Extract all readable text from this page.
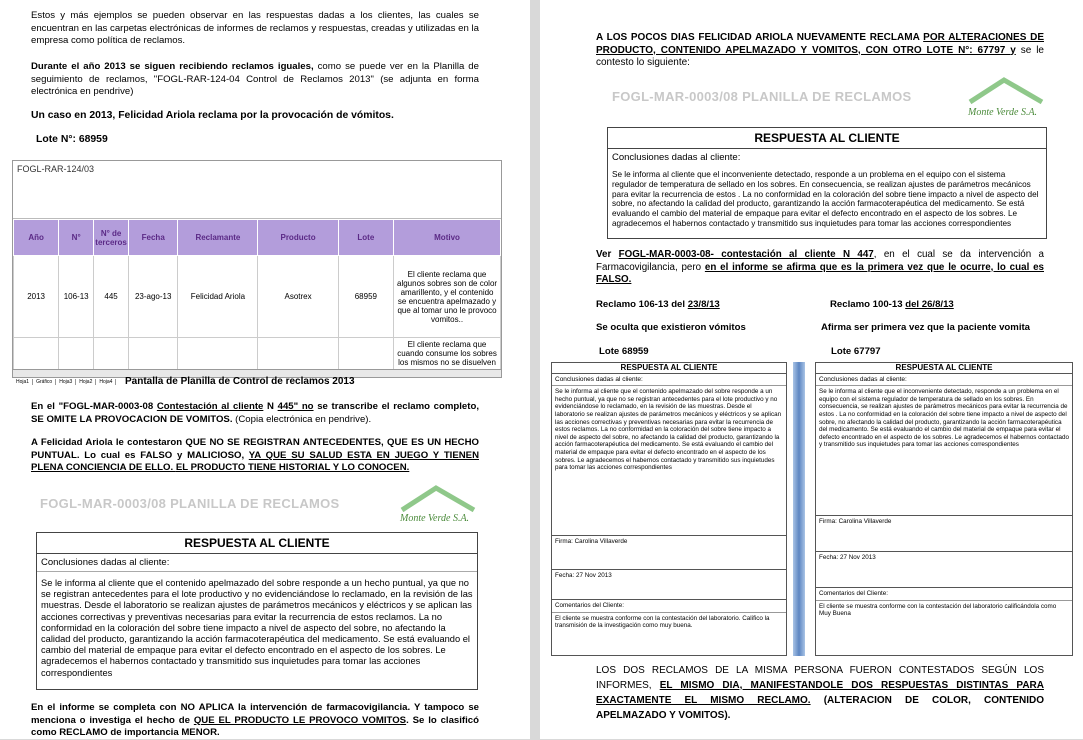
Estos y más ejemplos se pueden observar en las respuestas dadas a los clientes, las cuales se encuentran en las carpetas electrónicas de informes de reclamos y respuestas, creadas y utilizadas en la empresa como política de reclamos.
Durante el año 2013 se siguen recibiendo reclamos iguales, como se puede ver en la Planilla de seguimiento de reclamos, "FOGL-RAR-124-04 Control de Reclamos 2013" (se adjunta en forma electrónica en pendrive)
Un caso en 2013, Felicidad Ariola reclama por la provocación de vómitos.
Lote N°: 68959
FOGL-RAR-124/03
Año	N°	N° de terceros	Fecha	Reclamante	Producto	Lote	Motivo
2013	106-13	445	23-ago-13	Felicidad Ariola	Asotrex	68959	El cliente reclama que algunos sobres son de color amarillento, y el contenido se encuentra apelmazado y que al tomar uno le provoco vomitos..
							El cliente reclama que cuando consume los sobres los mismos no se disuelven
Hoja1 Gráfico Hoja3 Hoja2 Hoja4	Pantalla de Planilla de Control de reclamos 2013
En el "FOGL-MAR-0003-08 Contestación al cliente N 445" no se transcribe el reclamo completo, SE OMITE LA PROVOCACION DE VOMITOS. (Copia electrónica en pendrive).
A Felicidad Ariola le contestaron QUE NO SE REGISTRAN ANTECEDENTES, QUE ES UN HECHO PUNTUAL. Lo cual es FALSO y MALICIOSO, YA QUE SU SALUD ESTA EN JUEGO Y TIENEN PLENA CONCIENCIA DE ELLO. EL PRODUCTO TIENE HISTORIAL Y LO CONOCEN.
FOGL-MAR-0003/08 PLANILLA DE RECLAMOS
Monte Verde S.A.
RESPUESTA AL CLIENTE
Conclusiones dadas al cliente:
Se le informa al cliente que el contenido apelmazado del sobre responde a un hecho puntual, ya que no se registran antecedentes para el lote productivo y no evidenciándose lo reclamado, en la revisión de las muestras. Desde el laboratorio se realizan ajustes de parámetros mecánicos y eléctricos y se aplican las acciones correctivas y preventivas necesarias para evitar la recurrencia de estos reclamos. La no conformidad en la coloración del sobre tiene impacto a nivel de aspecto del sobre, no afectando la calidad del producto, garantizando la acción farmacoterapéutica del medicamento. Se está evaluando el cambio del material de empaque para evitar el defecto encontrado en el aspecto de los sobres. Le agradecemos el habernos contactado y transmitido sus inquietudes para tomar las acciones correspondientes
En el informe se completa con NO APLICA la intervención de farmacovigilancia. Y tampoco se menciona o investiga el hecho de QUE EL PRODUCTO LE PROVOCO VOMITOS. Se lo clasificó como RECLAMO de importancia MENOR.
A LOS POCOS DIAS FELICIDAD ARIOLA NUEVAMENTE RECLAMA POR ALTERACIONES DE PRODUCTO, CONTENIDO APELMAZADO Y VOMITOS, CON OTRO LOTE N°: 67797 y se le contesto lo siguiente:
FOGL-MAR-0003/08 PLANILLA DE RECLAMOS
Monte Verde S.A.
RESPUESTA AL CLIENTE
Conclusiones dadas al cliente:
Se le informa al cliente que el inconveniente detectado, responde a un problema en el equipo con el sistema regulador de temperatura de sellado en los sobres. En consecuencia, se realizan ajustes de parámetros mecánicos para evitar la recurrencia de estos . La no conformidad en la coloración del sobre tiene impacto a nivel de aspecto del sobre, no afectando la calidad del producto, garantizando la acción farmacoterapéutica del medicamento. Se está evaluando el cambio del material de empaque para evitar el defecto encontrado en el aspecto de los sobres. Le agradecemos el habernos contactado y transmitido sus inquietudes para tomar las acciones correspondientes
Ver FOGL-MAR-0003-08- contestación al cliente N 447, en el cual se da intervención a Farmacovigilancia, pero en el informe se afirma que es la primera vez que le ocurre, lo cual es FALSO.
Reclamo 106-13 del 23/8/13	Reclamo 100-13 del 26/8/13
Se oculta que existieron vómitos	Afirma ser primera vez que la paciente vomita
Lote 68959	Lote 67797
RESPUESTA AL CLIENTE
Conclusiones dadas al cliente:
Se le informa al cliente que el contenido apelmazado del sobre responde a un hecho puntual, ya que no se registran antecedentes para el lote productivo y no evidenciándose lo reclamado, en la revisión de las muestras. Desde el laboratorio se realizan ajustes de parámetros mecánicos y eléctricos y se aplican las acciones correctivas y preventivas necesarias para evitar la recurrencia de estos reclamos. La no conformidad en la coloración del sobre tiene impacto a nivel de aspecto del sobre, no afectando la calidad del producto, garantizando la acción farmacoterapéutica del medicamento. Se está evaluando el cambio del material de empaque para evitar el defecto encontrado en el aspecto de los sobres. Le agradecemos el habernos contactado y transmitido sus inquietudes para tomar las acciones correspondientes
Firma: Carolina Villaverde
Fecha: 27 Nov 2013
Comentarios del Cliente:
El cliente se muestra conforme con la contestación del laboratorio. Califico la transmisión de la investigación como muy buena.
RESPUESTA AL CLIENTE
Conclusiones dadas al cliente:
Se le informa al cliente que el inconveniente detectado, responde a un problema en el equipo con el sistema regulador de temperatura de sellado en los sobres. En consecuencia, se realizan ajustes de parámetros mecánicos para evitar la recurrencia de estos . La no conformidad en la coloración del sobre tiene impacto a nivel de aspecto del sobre, no afectando la calidad del producto, garantizando la acción farmacoterapéutica del medicamento. Se está evaluando el cambio del material de empaque para evitar el defecto encontrado en el aspecto de los sobres. Le agradecemos el habernos contactado y transmitido sus inquietudes para tomar las acciones correspondientes
Firma: Carolina Villaverde
Fecha: 27 Nov 2013
Comentarios del Cliente:
El cliente se muestra conforme con la contestación del laboratorio calificándola como Muy Buena
LOS DOS RECLAMOS DE LA MISMA PERSONA FUERON CONTESTADOS SEGÚN LOS INFORMES, EL MISMO DIA, MANIFESTANDOLE DOS RESPUESTAS DISTINTAS PARA EXACTAMENTE EL MISMO RECLAMO. (ALTERACION DE COLOR, CONTENIDO APELMAZADO Y VOMITOS).
